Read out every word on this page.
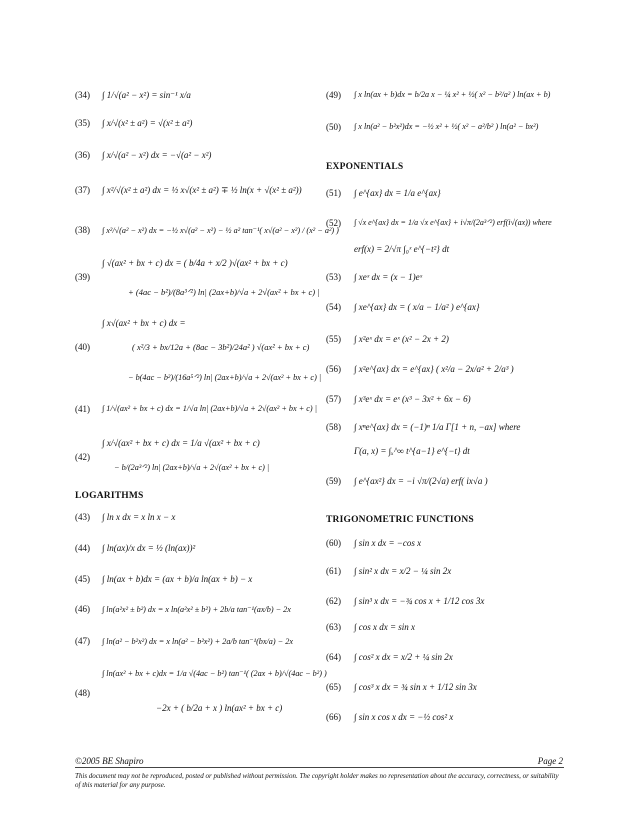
(34) ∫ 1/√(a² − x²) = sin⁻¹ x/a
(35) ∫ x/√(x² ± a²) = √(x² ± a²)
(36) ∫ x/√(a² − x²) dx = −√(a² − x²)
(37) ∫ x²/√(x² ± a²) dx = ½ x√(x² ± a²) ∓ ½ ln(x + √(x² ± a²))
(38) ∫ x²/√(a² − x²) dx = −½ x√(a² − x²) − ½ a² tan⁻¹( x√(a² − x²) / (x² − a²) )
(39)
∫ √(ax² + bx + c) dx = ( b/4a + x/2 )√(ax² + bx + c)
+ (4ac − b²)/(8a³ᐟ²) ln| (2ax+b)/√a + 2√(ax² + bx + c) |
∫ x√(ax² + bx + c) dx =
(40)	( x²/3 + bx/12a + (8ac − 3b²)/24a² ) √(ax² + bx + c)
− b(4ac − b²)/(16a⁵ᐟ²) ln| (2ax+b)/√a + 2√(ax² + bx + c) |
(41) ∫ 1/√(ax² + bx + c) dx = 1/√a ln| (2ax+b)/√a + 2√(ax² + bx + c) |
∫ x/√(ax² + bx + c) dx = 1/a √(ax² + bx + c)
(42)
− b/(2a³ᐟ²) ln| (2ax+b)/√a + 2√(ax² + bx + c) |
LOGARITHMS
(43) ∫ ln x dx = x ln x − x
(44) ∫ ln(ax)/x dx = ½ (ln(ax))²
(45) ∫ ln(ax + b)dx = (ax + b)/a ln(ax + b) − x
(46) ∫ ln(a²x² ± b²) dx = x ln(a²x² ± b²) + 2b/a tan⁻¹(ax/b) − 2x
(47) ∫ ln(a² − b²x²) dx = x ln(a² − b²x²) + 2a/b tan⁻¹(bx/a) − 2x
∫ ln(ax² + bx + c)dx = 1/a √(4ac − b²) tan⁻¹( (2ax + b)/√(4ac − b²) )
(48)
−2x + ( b/2a + x ) ln(ax² + bx + c)
(49) ∫ x ln(ax + b)dx = b/2a x − ¼ x² + ½( x² − b²/a² ) ln(ax + b)
(50) ∫ x ln(a² − b²x²)dx = −½ x² + ½( x² − a²/b² ) ln(a² − bx²)
EXPONENTIALS
(51) ∫ e^{ax} dx = 1/a e^{ax}
(52) ∫ √x e^{ax} dx = 1/a √x e^{ax} + i√π/(2a³ᐟ²) erf(i√(ax)) where
erf(x) = 2/√π ∫₀ˣ e^{−t²} dt
(53) ∫ xeˣ dx = (x − 1)eˣ
(54) ∫ xe^{ax} dx = ( x/a − 1/a² ) e^{ax}
(55) ∫ x²eˣ dx = eˣ (x² − 2x + 2)
(56) ∫ x²e^{ax} dx = e^{ax} ( x²/a − 2x/a² + 2/a³ )
(57) ∫ x³eˣ dx = eˣ (x³ − 3x² + 6x − 6)
(58) ∫ xⁿe^{ax} dx = (−1)ⁿ 1/a Γ[1 + n, −ax] where
Γ(a, x) = ∫ₓ^∞ t^{a−1} e^{−t} dt
(59) ∫ e^{ax²} dx = −i √π/(2√a) erf( ix√a )
TRIGONOMETRIC FUNCTIONS
(60) ∫ sin x dx = −cos x
(61) ∫ sin² x dx = x/2 − ¼ sin 2x
(62) ∫ sin³ x dx = −¾ cos x + 1/12 cos 3x
(63) ∫ cos x dx = sin x
(64) ∫ cos² x dx = x/2 + ¼ sin 2x
(65) ∫ cos³ x dx = ¾ sin x + 1/12 sin 3x
(66) ∫ sin x cos x dx = −½ cos² x
©2005 BE Shapiro	Page 2
This document may not be reproduced, posted or published without permission. The copyright holder makes no representation about the accuracy, correctness, or suitability of this material for any purpose.
